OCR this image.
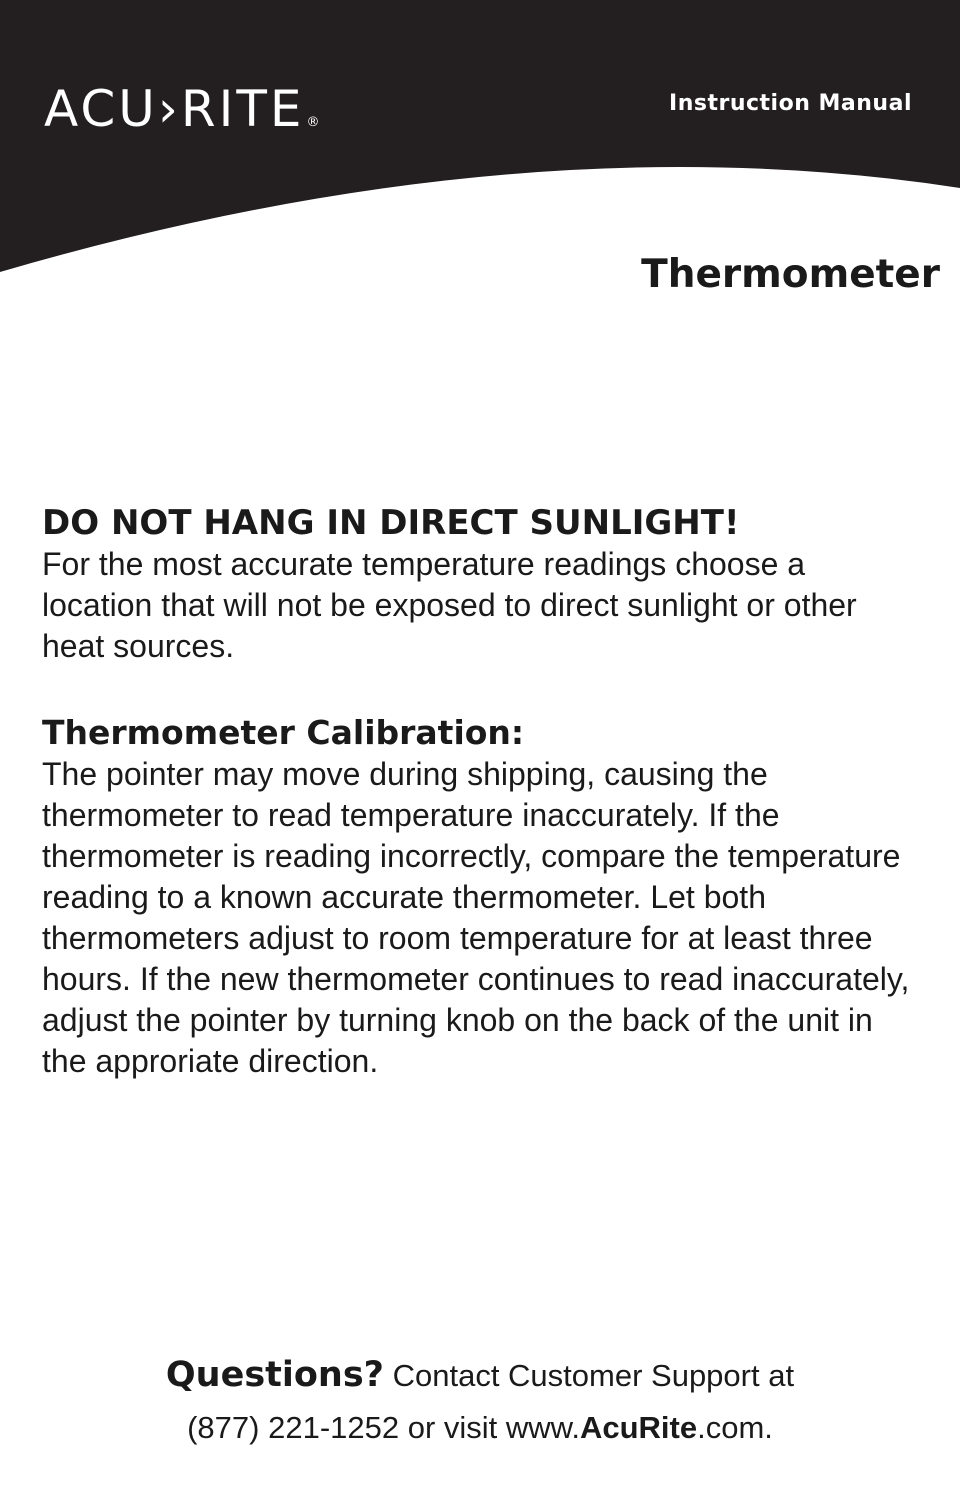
ACU›RITE ®
Instruction Manual
Thermometer
DO NOT HANG IN DIRECT SUNLIGHT!

For the most accurate temperature readings choose a location that will not be exposed to direct sunlight or other heat sources.

Thermometer Calibration:

The pointer may move during shipping, causing the thermometer to read temperature inaccurately. If the thermometer is reading incorrectly, compare the temperature reading to a known accurate thermometer. Let both thermometers adjust to room temperature for at least three hours. If the new thermometer continues to read inaccurately, adjust the pointer by turning knob on the back of the unit in the approriate direction.

Questions? Contact Customer Support at
(877) 221-1252 or visit www.AcuRite.com.
